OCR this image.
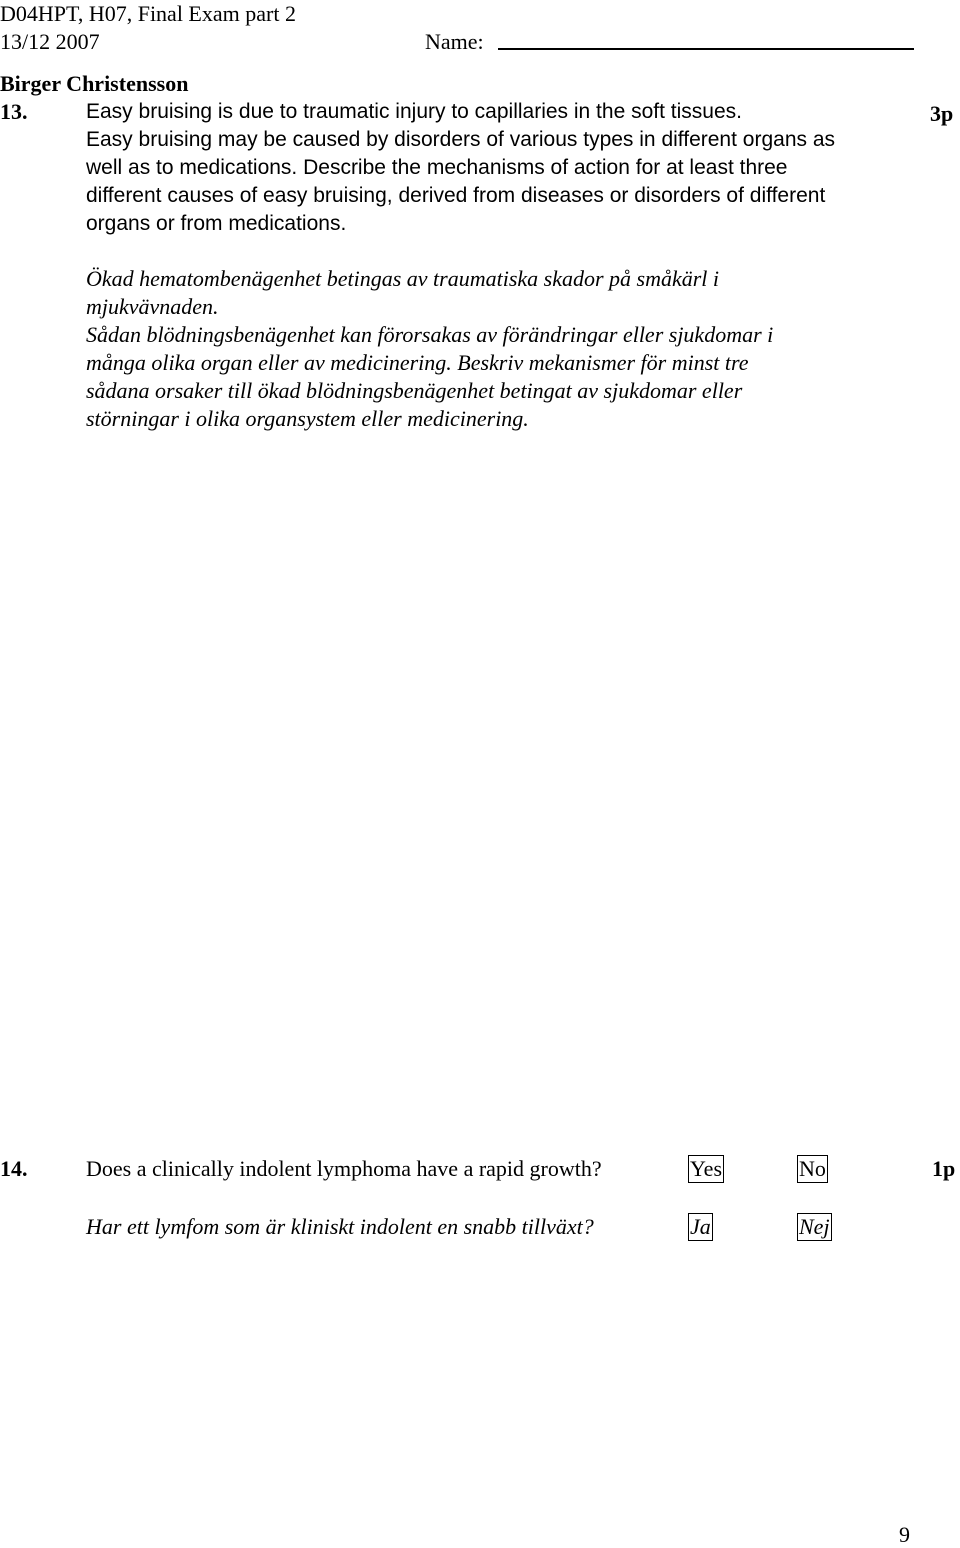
D04HPT, H07, Final Exam part 2
13/12 2007	Name:
Birger Christensson
13.	3p
Easy bruising is due to traumatic injury to capillaries in the soft tissues.
Easy bruising may be caused by disorders of various types in different organs as
well as to medications. Describe the mechanisms of action for at least three
different causes of easy bruising, derived from diseases or disorders of different
organs or from medications.
Ökad hematombenägenhet betingas av traumatiska skador på småkärl i
mjukvävnaden.
Sådan blödningsbenägenhet kan förorsakas av förändringar eller sjukdomar i
många olika organ eller av medicinering. Beskriv mekanismer för minst tre
sådana orsaker till ökad blödningsbenägenhet betingat av sjukdomar eller
störningar i olika organsystem eller medicinering.
14.	Does a clinically indolent lymphoma have a rapid growth?	Yes	No	1p
Har ett lymfom som är kliniskt indolent en snabb tillväxt?	Ja	Nej
9
